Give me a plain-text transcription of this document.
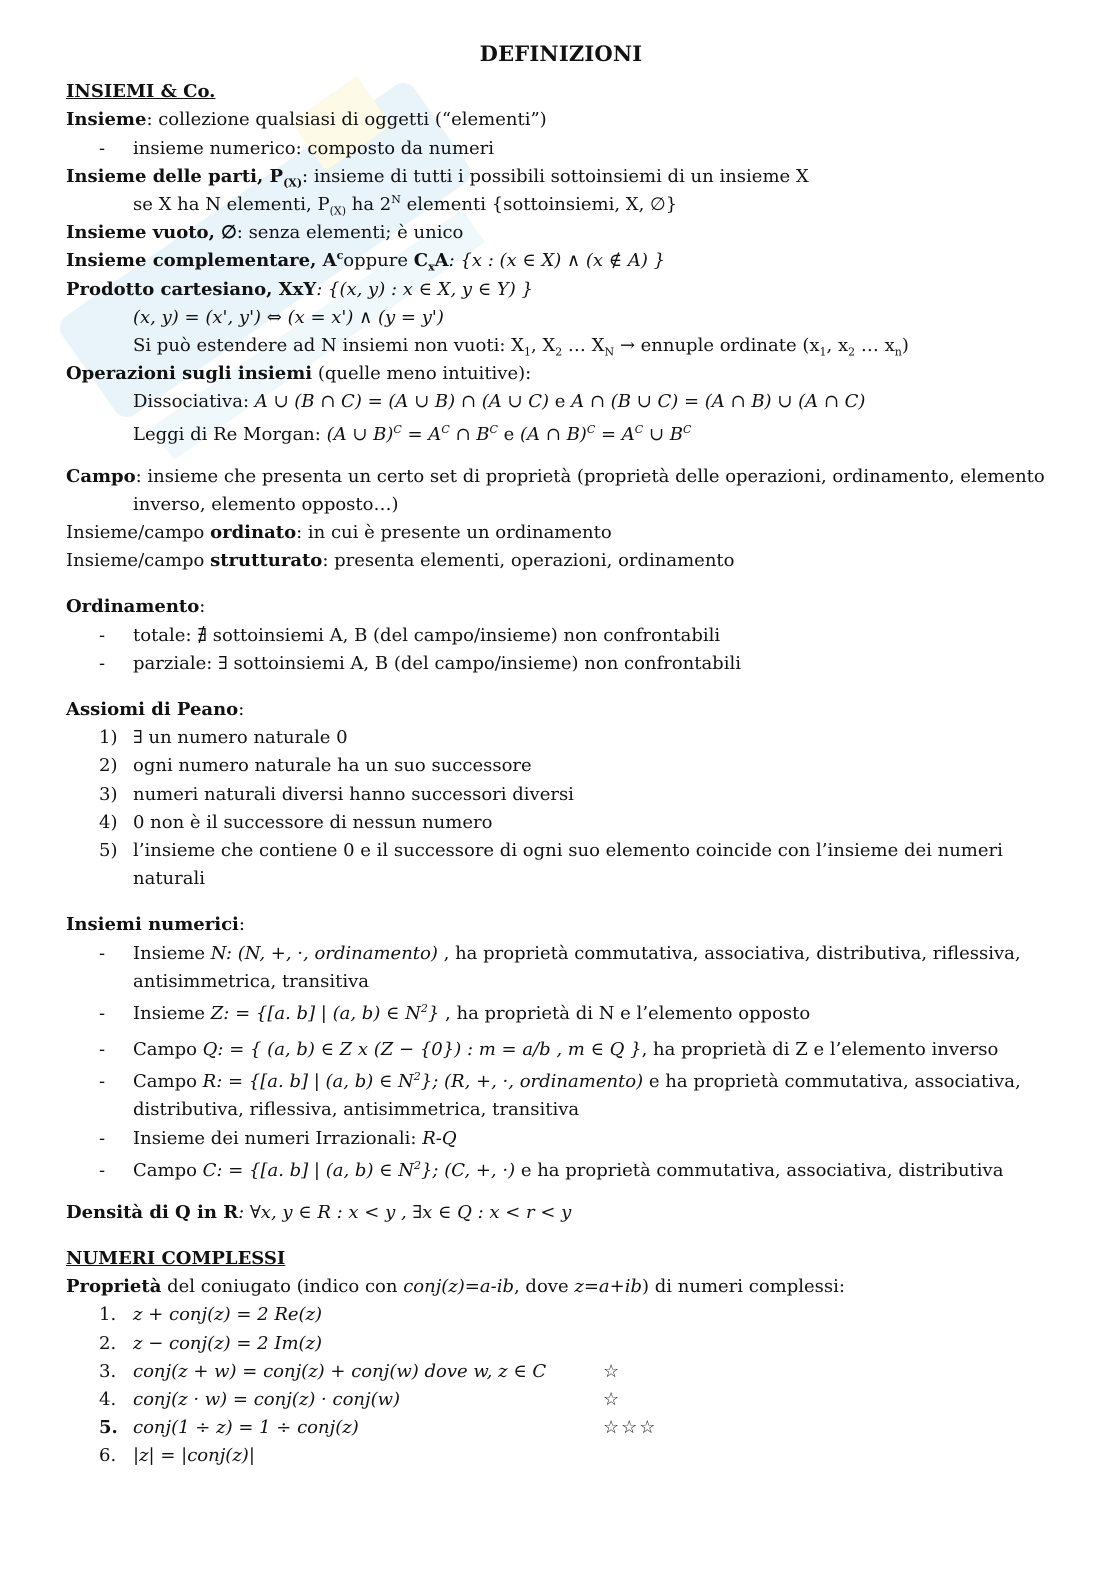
DEFINIZIONI

INSIEMI & Co.

Insieme: collezione qualsiasi di oggetti (“elementi”)

- insieme numerico: composto da numeri

Insieme delle parti, $P_{(X)}$: insieme di tutti i possibili sottoinsiemi di un insieme X

se X ha N elementi, $P_{(X)}$ ha $2^N$ elementi {sottoinsiemi, X, ∅}

Insieme vuoto, ∅: senza elementi; è unico

Insieme complementare, $A^coppure$ $C_xA$: {x : (x ∈ X) ∧ (x ∉ A) }

Prodotto cartesiano, XxY: {(x, y) : x ∈ X, y ∈ Y) }

(x, y) = (x', y') ⇔ (x = x') ∧ (y = y')

Si può estendere ad N insiemi non vuoti: $X_1$, $X_2$ … $X_N$ → ennuple ordinate ($x_1$, $x_2$ … $x_n$)

Operazioni sugli insiemi (quelle meno intuitive):

Dissociativa: A ∪ (B ∩ C) = (A ∪ B) ∩ (A ∪ C) e A ∩ (B ∪ C) = (A ∩ B) ∪ (A ∩ C)

Leggi di Re Morgan: (A ∪ $B)^C = A^C$ ∩ $B^C$ e (A ∩ $B)^C = A^C$ ∪ $B^C$

Campo: insieme che presenta un certo set di proprietà (proprietà delle operazioni, ordinamento, elemento inverso, elemento opposto…)

Insieme/campo ordinato: in cui è presente un ordinamento

Insieme/campo strutturato: presenta elementi, operazioni, ordinamento

Ordinamento:

- totale: ∄ sottoinsiemi A, B (del campo/insieme) non confrontabili
- parziale: ∃ sottoinsiemi A, B (del campo/insieme) non confrontabili

Assiomi di Peano:

1) ∃ un numero naturale 0
2) ogni numero naturale ha un suo successore
3) numeri naturali diversi hanno successori diversi
4) 0 non è il successore di nessun numero
5) l’insieme che contiene 0 e il successore di ogni suo elemento coincide con l’insieme dei numeri naturali

Insiemi numerici:

- Insieme N: (N, +, ·, ordinamento) , ha proprietà commutativa, associativa, distributiva, riflessiva, antisimmetrica, transitiva
- Insieme Z: = {[a. b] | (a, b) ∈ $N^2$} , ha proprietà di N e l’elemento opposto
- Campo Q: = { (a, b) ∈ Z x (Z − {0}) : m = a/b , m ∈ Q }, ha proprietà di Z e l’elemento inverso
- Campo R: = {[a. b] | (a, b) ∈ $N^2$}; (R, +, ·, ordinamento) e ha proprietà commutativa, associativa, distributiva, riflessiva, antisimmetrica, transitiva
- Insieme dei numeri Irrazionali: R-Q
- Campo C: = {[a. b] | (a, b) ∈ $N^2$}; (C, +, ·) e ha proprietà commutativa, associativa, distributiva

Densità di Q in R: ∀x, y ∈ R : x < y , ∃x ∈ Q : x < r < y

NUMERI COMPLESSI

Proprietà del coniugato (indico con conj(z)=a-ib, dove z=a+ib) di numeri complessi:

1. z + conj(z) = 2 Re(z)
2. z − conj(z) = 2 Im(z)
3. conj(z + w) = conj(z) + conj(w) dove w, z ∈ C	☆
4. conj(z · w) = conj(z) · conj(w)	☆
5. conj(1 ÷ z) = 1 ÷ conj(z)	☆☆☆
6. |z| = |conj(z)|
